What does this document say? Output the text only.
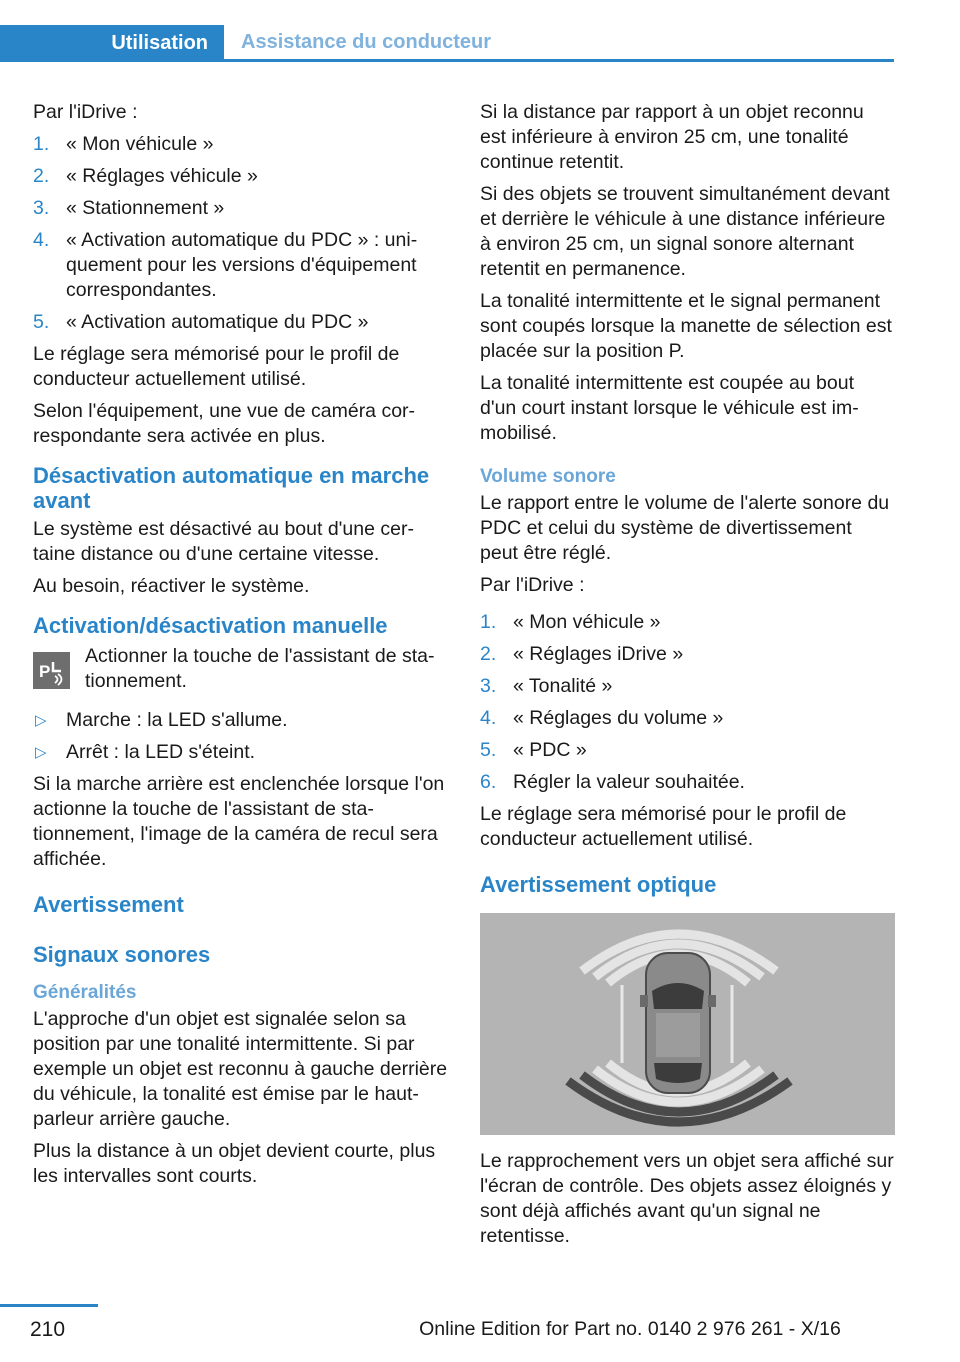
Utilisation	Assistance du conducteur

Par l'iDrive :

1. « Mon véhicule »
2. « Réglages véhicule »
3. « Stationnement »
4. « Activation automatique du PDC » : uniquement pour les versions d'équipement correspondantes.
5. « Activation automatique du PDC »

Le réglage sera mémorisé pour le profil de conducteur actuellement utilisé.

Selon l'équipement, une vue de caméra correspondante sera activée en plus.

Désactivation automatique en marche avant

Le système est désactivé au bout d'une certaine distance ou d'une certaine vitesse.

Au besoin, réactiver le système.

Activation/désactivation manuelle
P
Actionner la touche de l'assistant de stationnement.
▷ Marche : la LED s'allume.
▷ Arrêt : la LED s'éteint.

Si la marche arrière est enclenchée lorsque l'on actionne la touche de l'assistant de stationnement, l'image de la caméra de recul sera affichée.

Avertissement
Signaux sonores
Généralités

L'approche d'un objet est signalée selon sa position par une tonalité intermittente. Si par exemple un objet est reconnu à gauche derrière du véhicule, la tonalité est émise par le haut-parleur arrière gauche.

Plus la distance à un objet devient courte, plus les intervalles sont courts.

Si la distance par rapport à un objet reconnu est inférieure à environ 25 cm, une tonalité continue retentit.

Si des objets se trouvent simultanément devant et derrière le véhicule à une distance inférieure à environ 25 cm, un signal sonore alternant retentit en permanence.

La tonalité intermittente et le signal permanent sont coupés lorsque la manette de sélection est placée sur la position P.

La tonalité intermittente est coupée au bout d'un court instant lorsque le véhicule est immobilisé.

Volume sonore

Le rapport entre le volume de l'alerte sonore du PDC et celui du système de divertissement peut être réglé.

Par l'iDrive :

1. « Mon véhicule »
2. « Réglages iDrive »
3. « Tonalité »
4. « Réglages du volume »
5. « PDC »
6. Régler la valeur souhaitée.

Le réglage sera mémorisé pour le profil de conducteur actuellement utilisé.

Avertissement optique

Le rapprochement vers un objet sera affiché sur l'écran de contrôle. Des objets assez éloignés y sont déjà affichés avant qu'un signal ne retentisse.

210	Online Edition for Part no. 0140 2 976 261 - X/16
